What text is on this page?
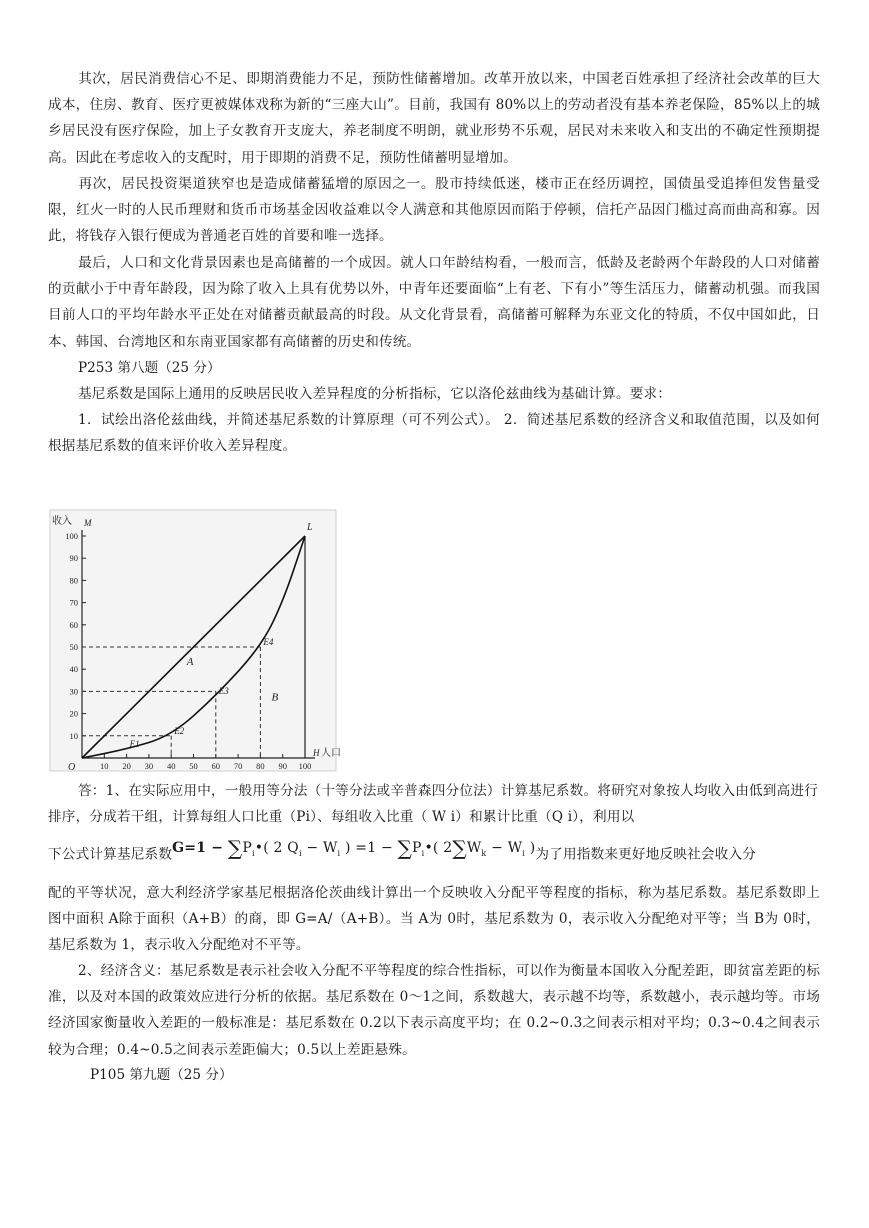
其次，居民消费信心不足、即期消费能力不足，预防性储蓄增加。改革开放以来，中国老百姓承担了经济社会改革的巨大成本，住房、教育、医疗更被媒体戏称为新的“三座大山”。目前，我国有 80%以上的劳动者没有基本养老保险，85%以上的城乡居民没有医疗保险，加上子女教育开支庞大，养老制度不明朗，就业形势不乐观，居民对未来收入和支出的不确定性预期提高。因此在考虑收入的支配时，用于即期的消费不足，预防性储蓄明显增加。

再次，居民投资渠道狭窄也是造成储蓄猛增的原因之一。股市持续低迷，楼市正在经历调控，国债虽受追捧但发售量受限，红火一时的人民币理财和货币市场基金因收益难以令人满意和其他原因而陷于停顿，信托产品因门槛过高而曲高和寡。因此，将钱存入银行便成为普通老百姓的首要和唯一选择。

最后，人口和文化背景因素也是高储蓄的一个成因。就人口年龄结构看，一般而言，低龄及老龄两个年龄段的人口对储蓄的贡献小于中青年龄段，因为除了收入上具有优势以外，中青年还要面临“上有老、下有小”等生活压力，储蓄动机强。而我国目前人口的平均年龄水平正处在对储蓄贡献最高的时段。从文化背景看，高储蓄可解释为东亚文化的特质，不仅中国如此，日本、韩国、台湾地区和东南亚国家都有高储蓄的历史和传统。

P253 第八题（25 分）

基尼系数是国际上通用的反映居民收入差异程度的分析指标，它以洛伦兹曲线为基础计算。要求：

1．试绘出洛伦兹曲线，并简述基尼系数的计算原理（可不列公式）。 2．简述基尼系数的经济含义和取值范围，以及如何根据基尼系数的值来评价收入差异程度。

10
20
30
40
50
60
70
80
90
100
10 20 30 40 50 60 70 80 90 100
收入 M
H 人口
O
L
E1
E2
E3
E4
A
B

答：1、在实际应用中，一般用等分法（十等分法或辛普森四分位法）计算基尼系数。将研究对象按人均收入由低到高进行排序，分成若干组，计算每组人口比重（Pi）、每组收入比重（ W i）和累计比重（Q i），利用以

下公式计算基尼系数$G=1 - \sum P_i•$( 2 $Q_i - W_i$ ) $=1 - \sum P_i•$( $2\sum W_k - W_i$ )为了用指数来更好地反映社会收入分

配的平等状况，意大利经济学家基尼根据洛伦茨曲线计算出一个反映收入分配平等程度的指标，称为基尼系数。基尼系数即上图中面积 A除于面积（A+B）的商，即 G=A/（A+B）。当 A为 0时，基尼系数为 0，表示收入分配绝对平等；当 B为 0时，基尼系数为 1，表示收入分配绝对不平等。

2、经济含义：基尼系数是表示社会收入分配不平等程度的综合性指标，可以作为衡量本国收入分配差距，即贫富差距的标准，以及对本国的政策效应进行分析的依据。基尼系数在 0～1之间，系数越大，表示越不均等，系数越小，表示越均等。市场经济国家衡量收入差距的一般标准是：基尼系数在 0.2以下表示高度平均；在 0.2~0.3之间表示相对平均；0.3~0.4之间表示较为合理；0.4~0.5之间表示差距偏大；0.5以上差距悬殊。

P105 第九题（25 分）
